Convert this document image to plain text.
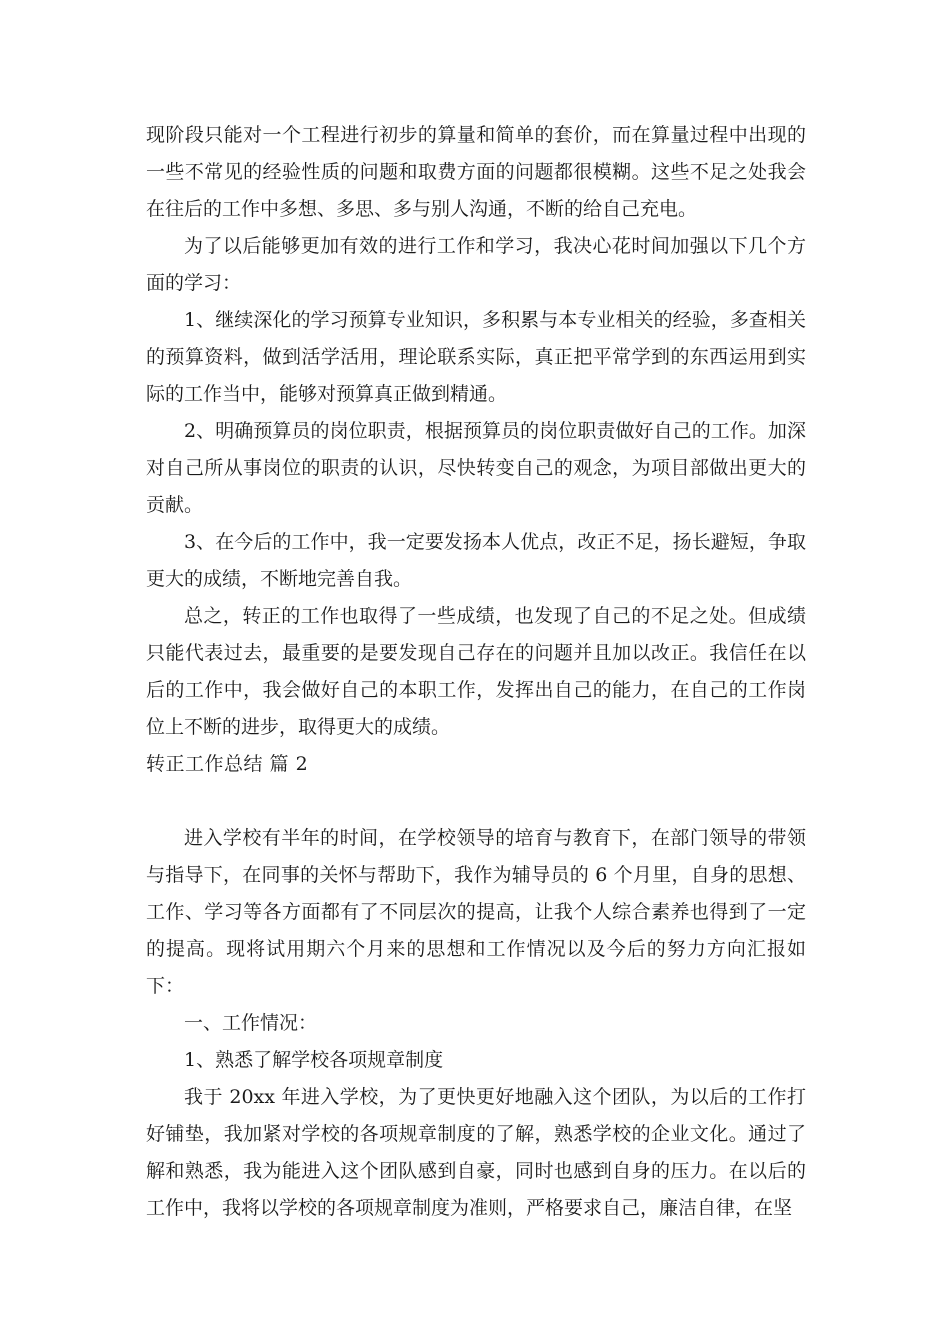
现阶段只能对一个工程进行初步的算量和简单的套价，而在算量过程中出现的一些不常见的经验性质的问题和取费方面的问题都很模糊。这些不足之处我会在往后的工作中多想、多思、多与别人沟通，不断的给自己充电。

为了以后能够更加有效的进行工作和学习，我决心花时间加强以下几个方面的学习：

1、继续深化的学习预算专业知识，多积累与本专业相关的经验，多查相关的预算资料，做到活学活用，理论联系实际，真正把平常学到的东西运用到实际的工作当中，能够对预算真正做到精通。

2、明确预算员的岗位职责，根据预算员的岗位职责做好自己的工作。加深对自己所从事岗位的职责的认识，尽快转变自己的观念，为项目部做出更大的贡献。

3、在今后的工作中，我一定要发扬本人优点，改正不足，扬长避短，争取更大的成绩，不断地完善自我。

总之，转正的工作也取得了一些成绩，也发现了自己的不足之处。但成绩只能代表过去，最重要的是要发现自己存在的问题并且加以改正。我信任在以后的工作中，我会做好自己的本职工作，发挥出自己的能力，在自己的工作岗位上不断的进步，取得更大的成绩。

转正工作总结 篇 2

进入学校有半年的时间，在学校领导的培育与教育下，在部门领导的带领与指导下，在同事的关怀与帮助下，我作为辅导员的 6 个月里，自身的思想、工作、学习等各方面都有了不同层次的提高，让我个人综合素养也得到了一定的提高。现将试用期六个月来的思想和工作情况以及今后的努力方向汇报如下：

一、工作情况：

1、熟悉了解学校各项规章制度

我于 20xx 年进入学校，为了更快更好地融入这个团队，为以后的工作打好铺垫，我加紧对学校的各项规章制度的了解，熟悉学校的企业文化。通过了解和熟悉，我为能进入这个团队感到自豪，同时也感到自身的压力。在以后的工作中，我将以学校的各项规章制度为准则，严格要求自己，廉洁自律，在坚
